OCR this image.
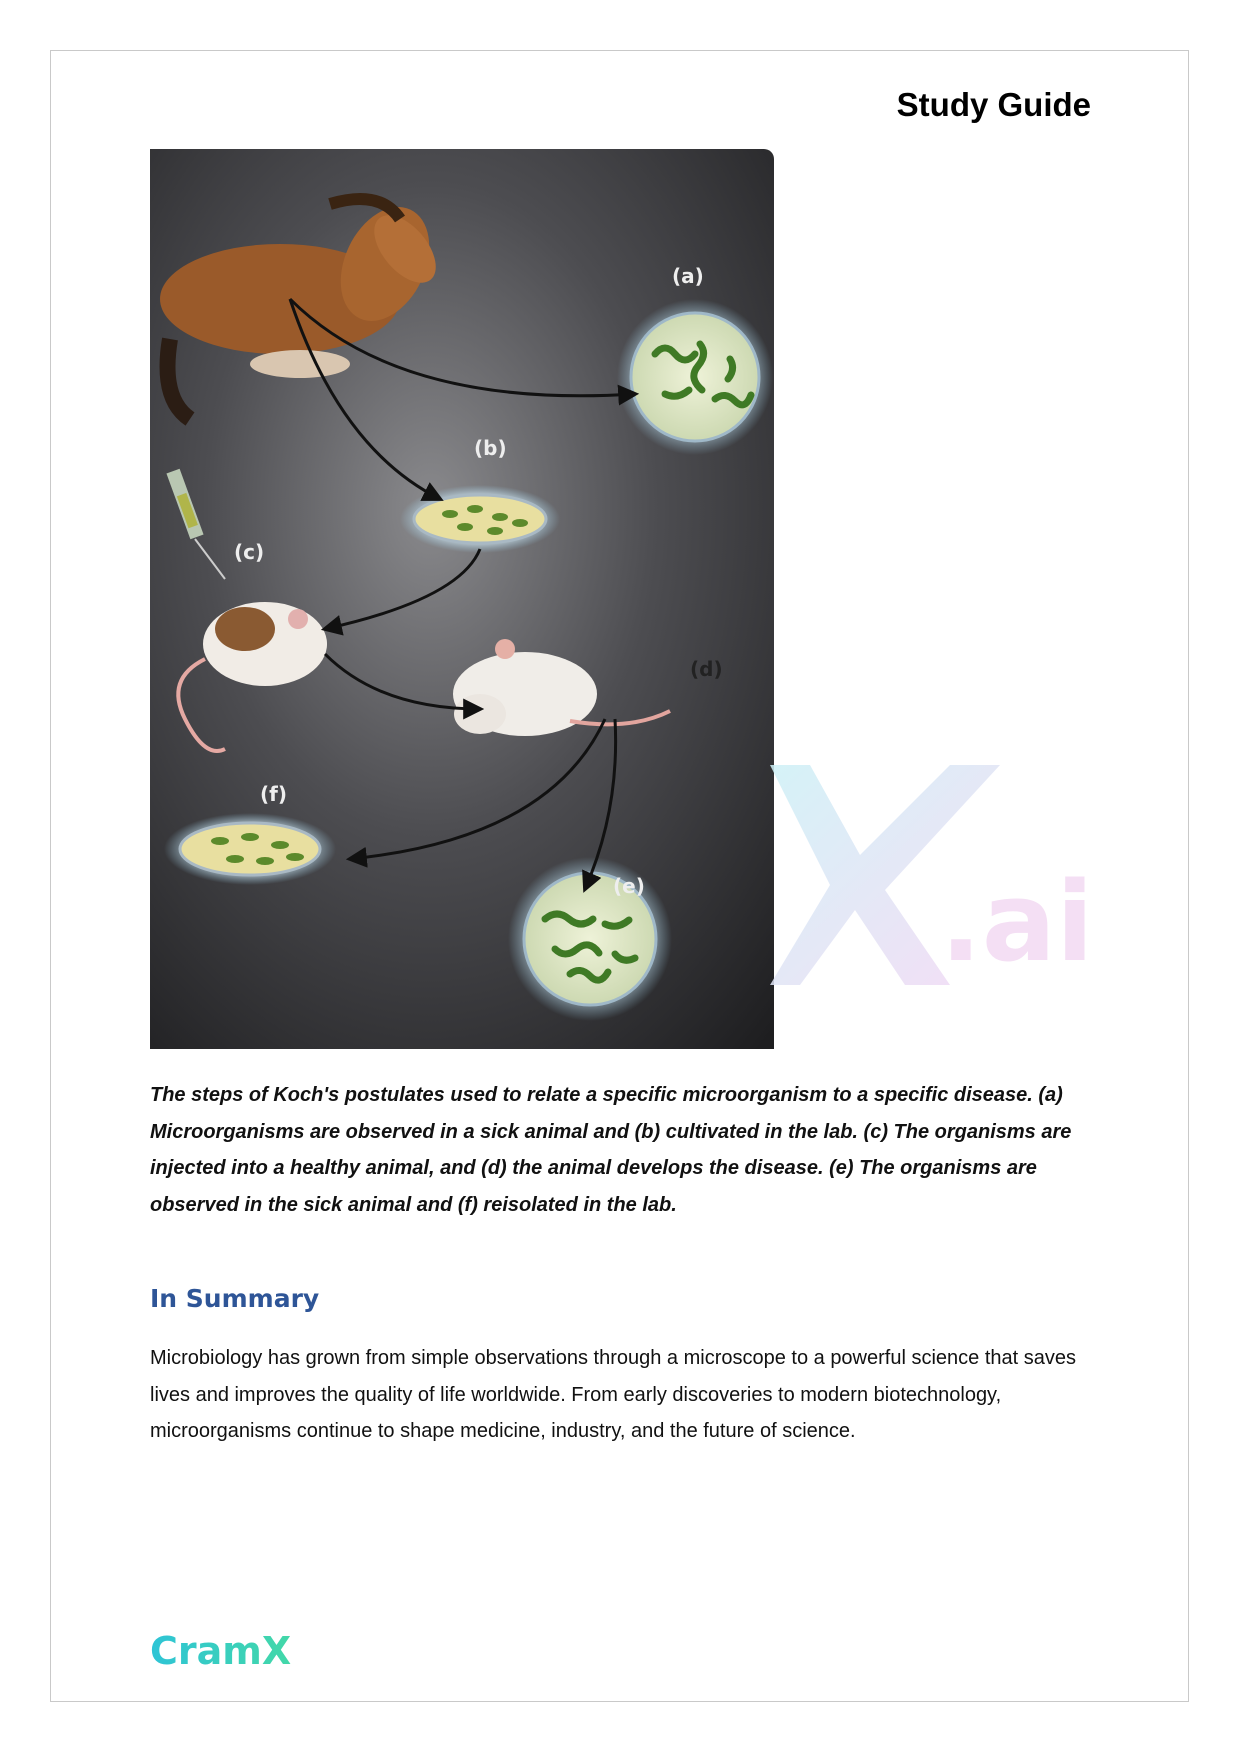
Study Guide
(a)
(b)
(c)
(d)
(f)
(e)	.ai
The steps of Koch's postulates used to relate a specific microorganism to a specific disease. (a) Microorganisms are observed in a sick animal and (b) cultivated in the lab. (c) The organisms are injected into a healthy animal, and (d) the animal develops the disease. (e) The organisms are observed in the sick animal and (f) reisolated in the lab.
In Summary
Microbiology has grown from simple observations through a microscope to a powerful science that saves lives and improves the quality of life worldwide. From early discoveries to modern biotechnology, microorganisms continue to shape medicine, industry, and the future of science.
CramX
